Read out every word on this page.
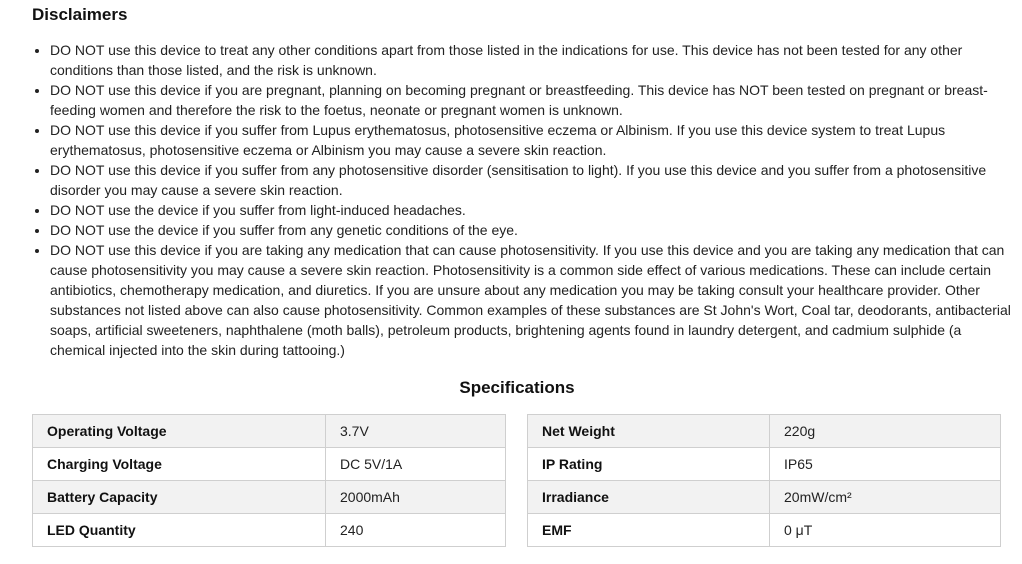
Disclaimers
• DO NOT use this device to treat any other conditions apart from those listed in the indications for use. This device has not been tested for any other conditions than those listed, and the risk is unknown.
• DO NOT use this device if you are pregnant, planning on becoming pregnant or breastfeeding. This device has NOT been tested on pregnant or breast-feeding women and therefore the risk to the foetus, neonate or pregnant women is unknown.
• DO NOT use this device if you suffer from Lupus erythematosus, photosensitive eczema or Albinism. If you use this device system to treat Lupus erythematosus, photosensitive eczema or Albinism you may cause a severe skin reaction.
• DO NOT use this device if you suffer from any photosensitive disorder (sensitisation to light). If you use this device and you suffer from a photosensitive disorder you may cause a severe skin reaction.
• DO NOT use the device if you suffer from light-induced headaches.
• DO NOT use the device if you suffer from any genetic conditions of the eye.
• DO NOT use this device if you are taking any medication that can cause photosensitivity. If you use this device and you are taking any medication that can cause photosensitivity you may cause a severe skin reaction. Photosensitivity is a common side effect of various medications. These can include certain antibiotics, chemotherapy medication, and diuretics. If you are unsure about any medication you may be taking consult your healthcare provider. Other substances not listed above can also cause photosensitivity. Common examples of these substances are St John's Wort, Coal tar, deodorants, antibacterial soaps, artificial sweeteners, naphthalene (moth balls), petroleum products, brightening agents found in laundry detergent, and cadmium sulphide (a chemical injected into the skin during tattooing.)
Specifications
Operating Voltage	3.7V
Charging Voltage	DC 5V/1A
Battery Capacity	2000mAh
LED Quantity	240
Net Weight	220g
IP Rating	IP65
Irradiance	20mW/cm²
EMF	0 μT
